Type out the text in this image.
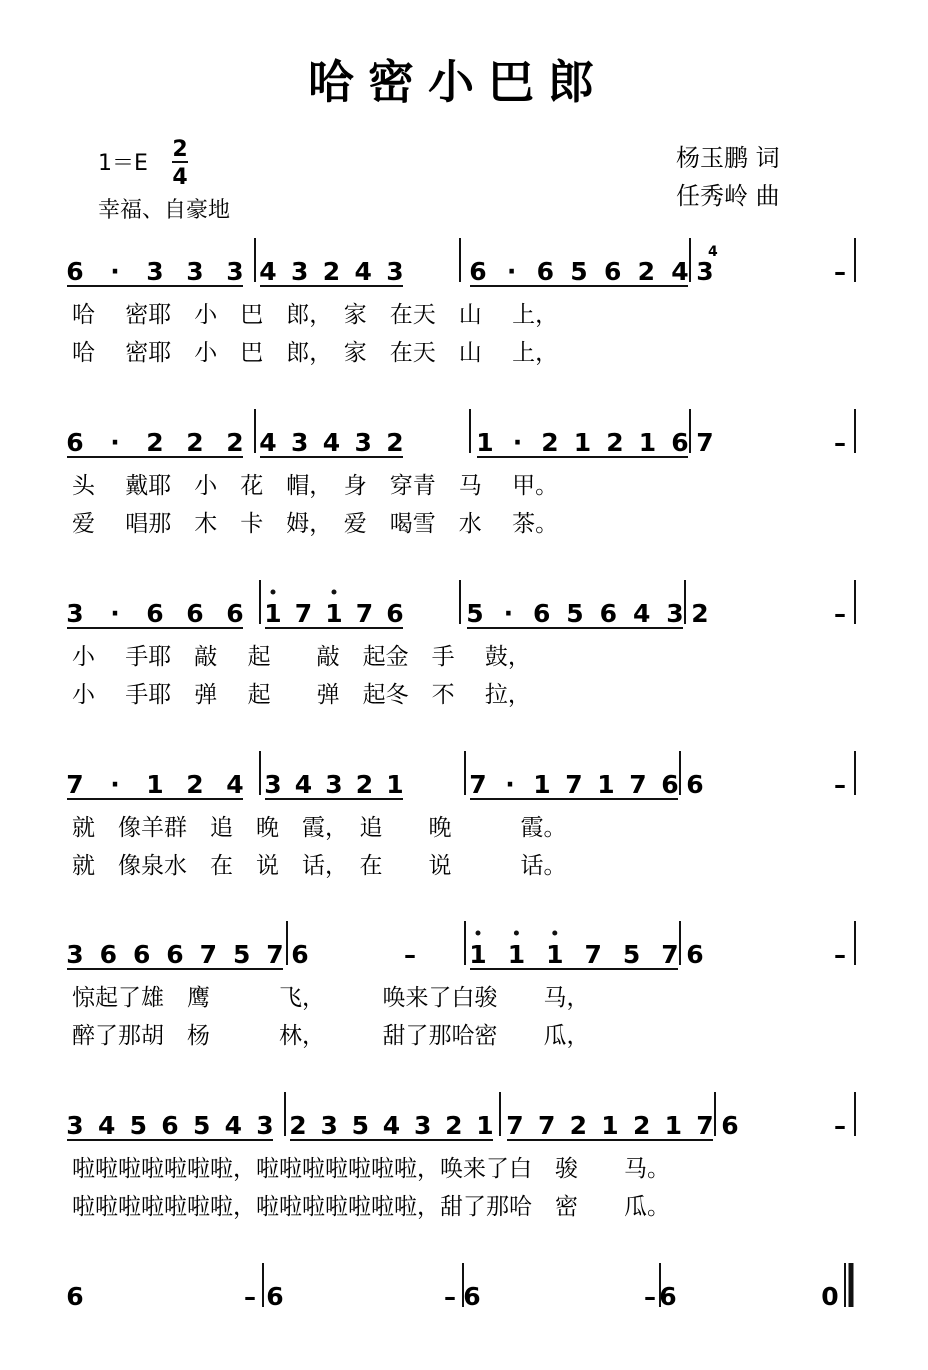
哈密小巴郎
1＝E
2
4
幸福、自豪地
杨玉鹏 词
任秀岭 曲
6 · 3 3 3 4 3 2 4 3	6 · 6 5 6 2 4 3	–
哈　 密耶　小　巴　郎，　家　在天　山　 上，
哈　 密耶　小　巴　郎，　家　在天　山　 上，
6 · 2 2 2 4 3 4 3 2	1 · 2 1 2 1 6 7	–
头　 戴耶　小　花　帽，　身　穿青　马　 甲。
爱　 唱那　木　卡　姆，　爱　喝雪　水　 茶。
3 · 6 6 6 1 7 1 7 6	5 · 6 5 6 4 3 2	–
小　 手耶　敲　 起　　敲　起金　手　 鼓，
小　 手耶　弹　 起　　弹　起冬　不　 拉，
7 · 1 2 4 3 4 3 2 1	7 · 1 7 1 7 6 6	–
就　像羊群　追　晚　霞，　追　　晚　　　霞。
就　像泉水　在　说　话，　在　　说　　　话。
3 6 6 6 7 5 7 6	– 1 1 1 7 5 7 6	–
惊起了雄　鹰　　　飞，　　　唤来了白骏　　马，
醉了那胡　杨　　　林，　　　甜了那哈密　　瓜，
3 4 5 6 5 4 3 2 3 5 4 3 2 1 7 7 2 1 2 1 7 6	–
啦啦啦啦啦啦啦，啦啦啦啦啦啦啦，唤来了白　骏　　马。
啦啦啦啦啦啦啦，啦啦啦啦啦啦啦，甜了那哈　密　　瓜。
6	– 6	– 6	– 6	0
4
